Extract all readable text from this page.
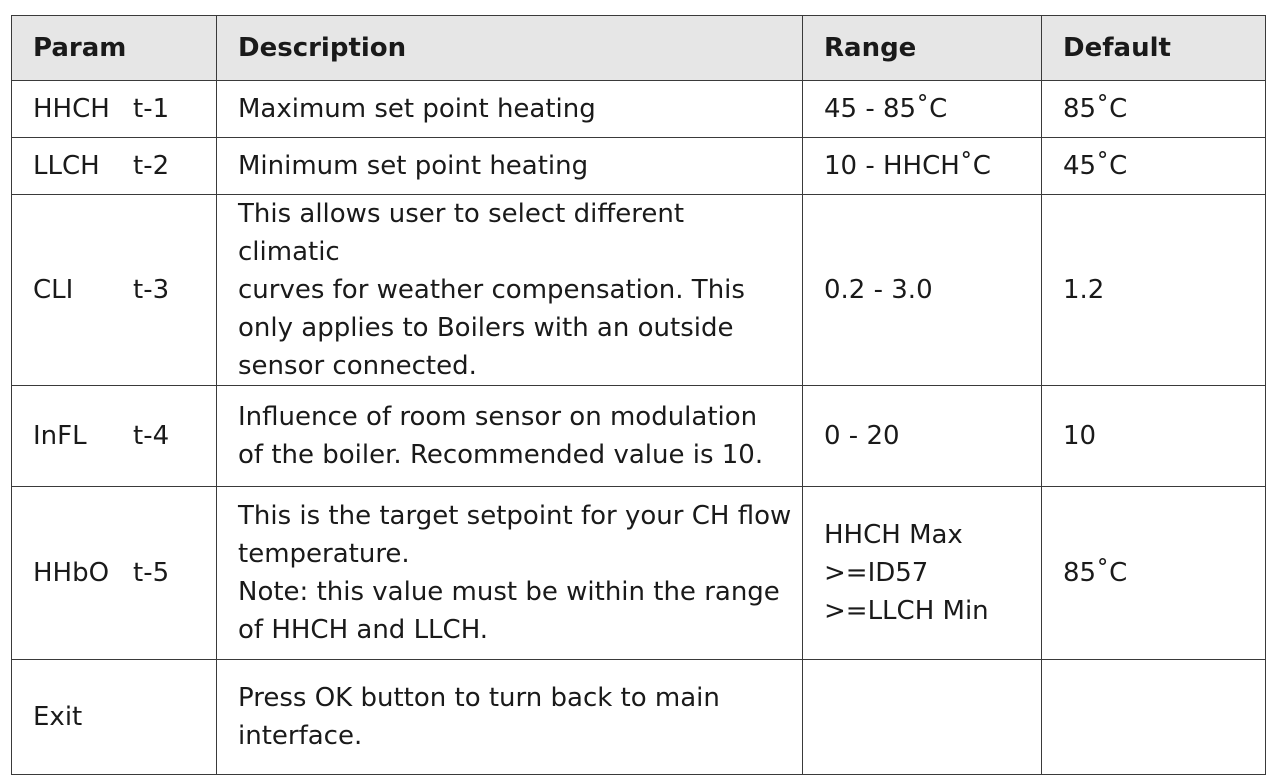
Param	Description	Range	Default

HHCH t-1	Maximum set point heating	45 - 85˚C	85˚C

LLCH t-2	Minimum set point heating	10 - HHCH˚C	45˚C

CLI t-3	This allows user to select different climatic
curves for weather compensation. This
only applies to Boilers with an outside
sensor connected.	0.2 - 3.0	1.2

InFL t-4	Influence of room sensor on modulation
of the boiler. Recommended value is 10.	0 - 20	10

HHbO t-5	This is the target setpoint for your CH flow
temperature.
Note: this value must be within the range
of HHCH and LLCH.	HHCH Max
>=ID57
>=LLCH Min	85˚C

Exit	Press OK button to turn back to main
interface.		
